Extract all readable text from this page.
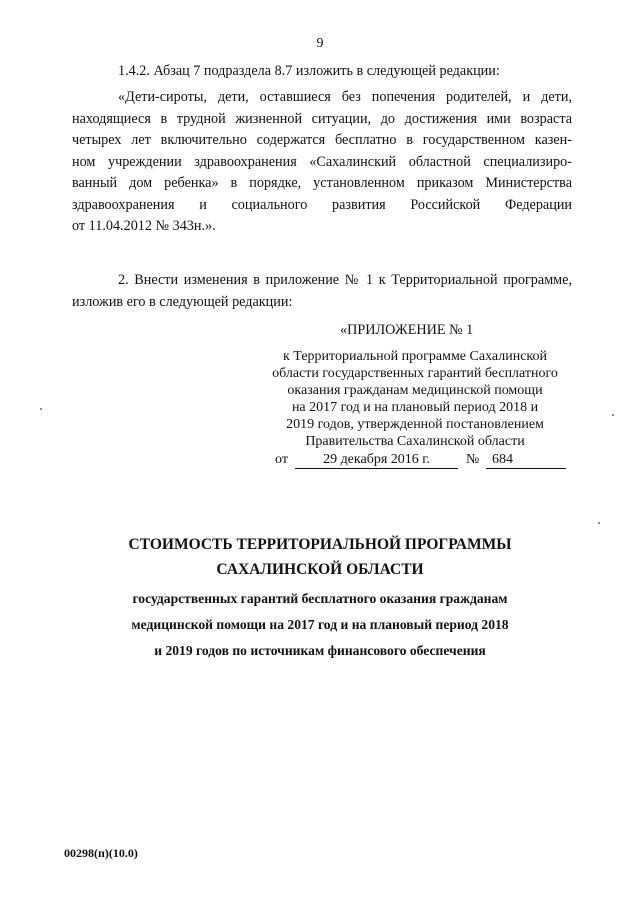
9
1.4.2. Абзац 7 подраздела 8.7 изложить в следующей редакции:
«Дети-сироты, дети, оставшиеся без попечения родителей, и дети,
находящиеся в трудной жизненной ситуации, до достижения ими возраста
четырех лет включительно содержатся бесплатно в государственном казен-
ном учреждении здравоохранения «Сахалинский областной специализиро-
ванный дом ребенка» в порядке, установленном приказом Министерства
здравоохранения и социального развития Российской Федерации
от 11.04.2012 № 343н.».
2. Внести изменения в приложение № 1 к Территориальной программе,
изложив его в следующей редакции:
«ПРИЛОЖЕНИЕ № 1
к Территориальной программе Сахалинской
области государственных гарантий бесплатного
оказания гражданам медицинской помощи
на 2017 год и на плановый период 2018 и
2019 годов, утвержденной постановлением
Правительства Сахалинской области
от	29 декабря 2016 г.	№ 684
СТОИМОСТЬ ТЕРРИТОРИАЛЬНОЙ ПРОГРАММЫ
САХАЛИНСКОЙ ОБЛАСТИ
государственных гарантий бесплатного оказания гражданам
медицинской помощи на 2017 год и на плановый период 2018
и 2019 годов по источникам финансового обеспечения
00298(п)(10.0)
